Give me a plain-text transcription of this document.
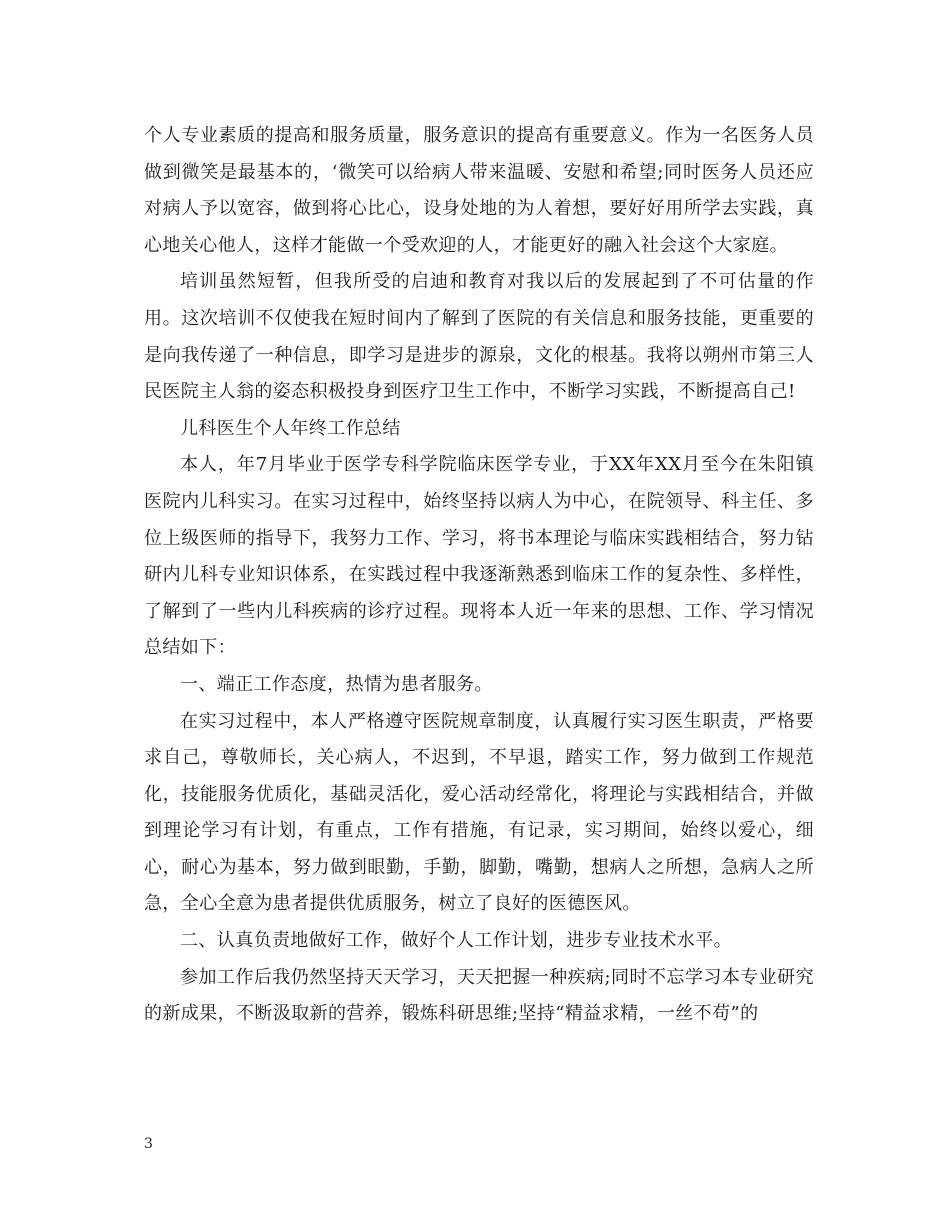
个人专业素质的提高和服务质量，服务意识的提高有重要意义。作为一名医务人员做到微笑是最基本的，‘微笑可以给病人带来温暖、安慰和希望;同时医务人员还应对病人予以宽容，做到将心比心，设身处地的为人着想，要好好用所学去实践，真心地关心他人，这样才能做一个受欢迎的人，才能更好的融入社会这个大家庭。

培训虽然短暂，但我所受的启迪和教育对我以后的发展起到了不可估量的作用。这次培训不仅使我在短时间内了解到了医院的有关信息和服务技能，更重要的是向我传递了一种信息，即学习是进步的源泉，文化的根基。我将以朔州市第三人民医院主人翁的姿态积极投身到医疗卫生工作中，不断学习实践，不断提高自己!

儿科医生个人年终工作总结

本人，年7月毕业于医学专科学院临床医学专业，于XX年XX月至今在朱阳镇医院内儿科实习。在实习过程中，始终坚持以病人为中心，在院领导、科主任、多位上级医师的指导下，我努力工作、学习，将书本理论与临床实践相结合，努力钻研内儿科专业知识体系，在实践过程中我逐渐熟悉到临床工作的复杂性、多样性，了解到了一些内儿科疾病的诊疗过程。现将本人近一年来的思想、工作、学习情况总结如下：

一、端正工作态度，热情为患者服务。

在实习过程中，本人严格遵守医院规章制度，认真履行实习医生职责，严格要求自己，尊敬师长，关心病人，不迟到，不早退，踏实工作，努力做到工作规范化，技能服务优质化，基础灵活化，爱心活动经常化，将理论与实践相结合，并做到理论学习有计划，有重点，工作有措施，有记录，实习期间，始终以爱心，细心，耐心为基本，努力做到眼勤，手勤，脚勤，嘴勤，想病人之所想，急病人之所急，全心全意为患者提供优质服务，树立了良好的医德医风。

二、认真负责地做好工作，做好个人工作计划，进步专业技术水平。

参加工作后我仍然坚持天天学习，天天把握一种疾病;同时不忘学习本专业研究的新成果，不断汲取新的营养，锻炼科研思维;坚持“精益求精，一丝不苟”的

3
